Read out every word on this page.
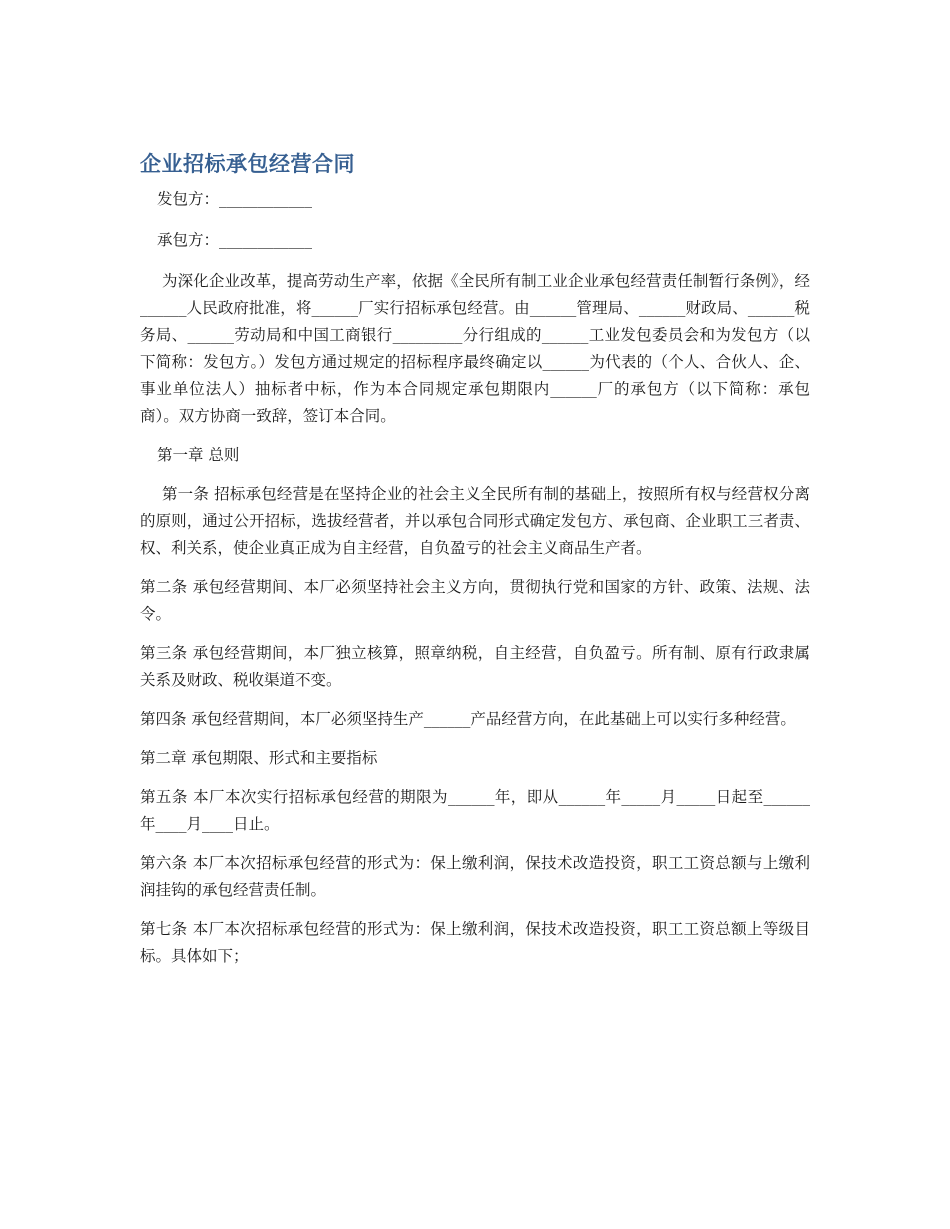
企业招标承包经营合同

发包方：____________

承包方：____________

为深化企业改革，提高劳动生产率，依据《全民所有制工业企业承包经营责任制暂行条例》，经______人民政府批准，将______厂实行招标承包经营。由______管理局、______财政局、______税务局、______劳动局和中国工商银行_________分行组成的______工业发包委员会和为发包方（以下简称：发包方。）发包方通过规定的招标程序最终确定以______为代表的（个人、合伙人、企、事业单位法人）抽标者中标，作为本合同规定承包期限内______厂的承包方（以下简称：承包商）。双方协商一致辞，签订本合同。

第一章 总则

第一条 招标承包经营是在坚持企业的社会主义全民所有制的基础上，按照所有权与经营权分离的原则，通过公开招标，选拔经营者，并以承包合同形式确定发包方、承包商、企业职工三者责、权、利关系，使企业真正成为自主经营，自负盈亏的社会主义商品生产者。

第二条 承包经营期间、本厂必须坚持社会主义方向，贯彻执行党和国家的方针、政策、法规、法令。

第三条 承包经营期间，本厂独立核算，照章纳税，自主经营，自负盈亏。所有制、原有行政隶属关系及财政、税收渠道不变。

第四条 承包经营期间，本厂必须坚持生产______产品经营方向，在此基础上可以实行多种经营。

第二章 承包期限、形式和主要指标

第五条 本厂本次实行招标承包经营的期限为______年，即从______年_____月_____日起至______年____月____日止。

第六条 本厂本次招标承包经营的形式为：保上缴利润，保技术改造投资，职工工资总额与上缴利润挂钩的承包经营责任制。

第七条 本厂本次招标承包经营的形式为：保上缴利润，保技术改造投资，职工工资总额上等级目标。具体如下；
